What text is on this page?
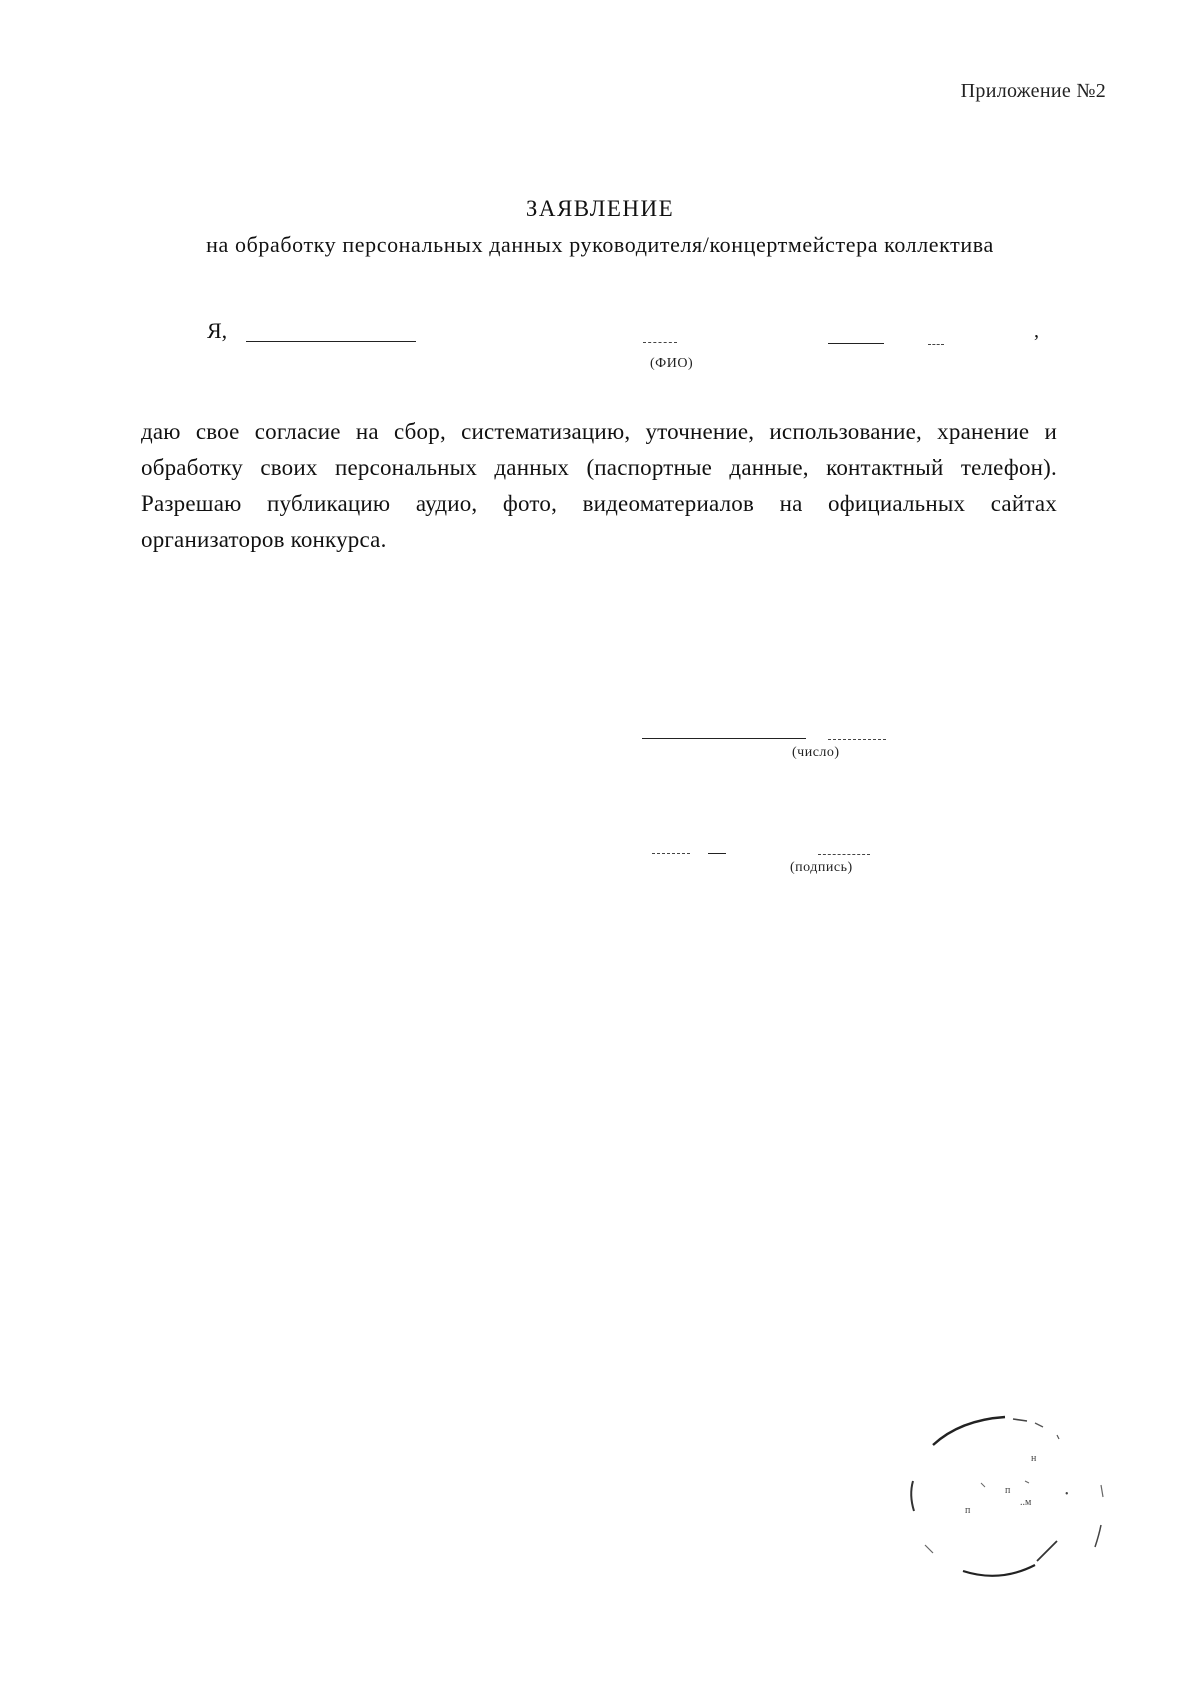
Приложение №2
ЗАЯВЛЕНИЕ
на обработку персональных данных руководителя/концертмейстера коллектива
Я,	,
(ФИО)
даю свое согласие на сбор, систематизацию, уточнение, использование, хранение и обработку своих персональных данных (паспортные данные, контактный телефон). Разрешаю публикацию аудио, фото, видеоматериалов на официальных сайтах организаторов конкурса.
(число)
(подпись)
н
п
..м
п
•
